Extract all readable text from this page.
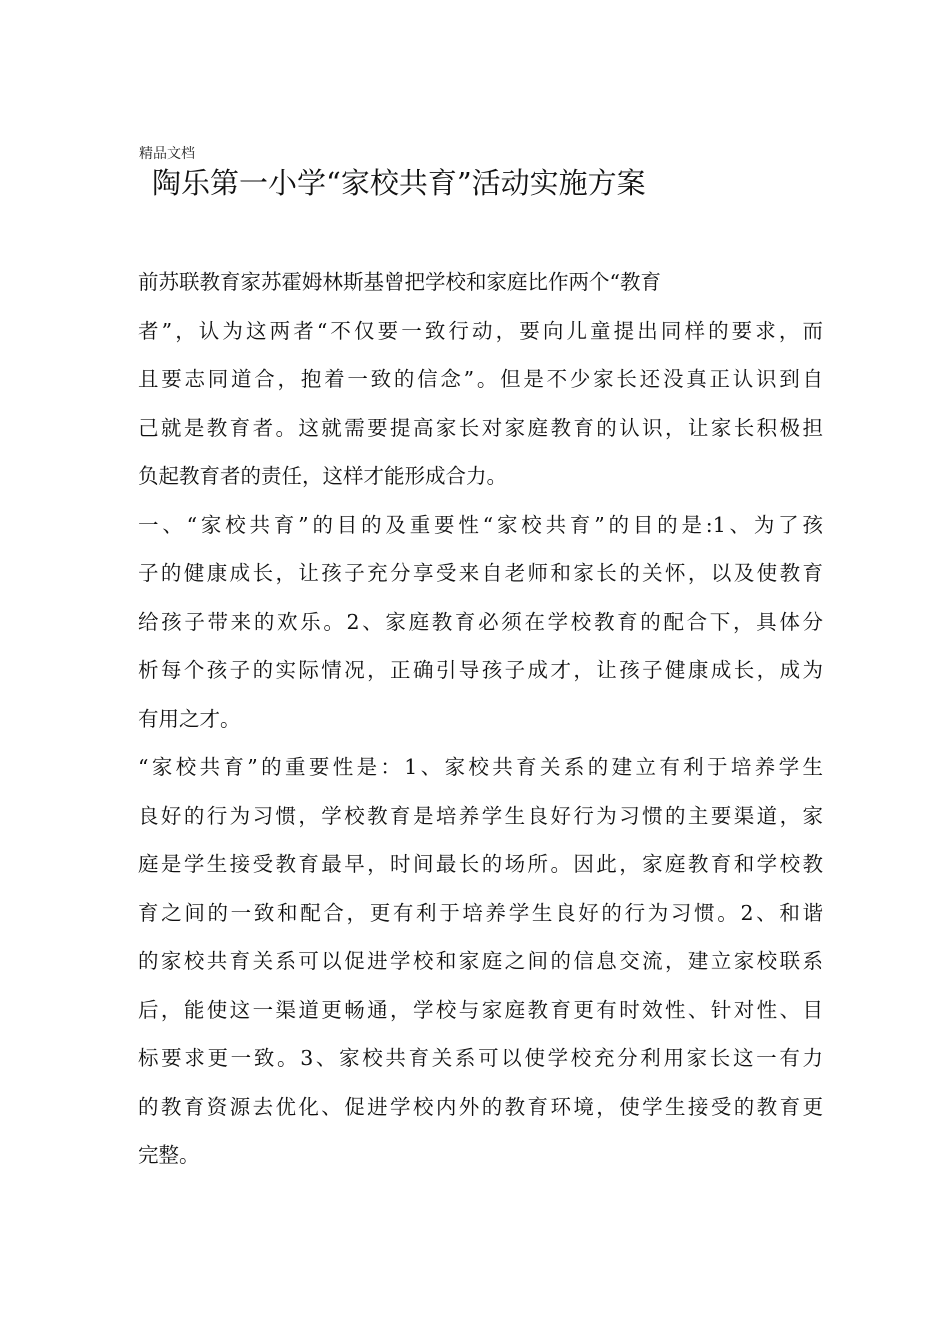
精品文档
陶乐第一小学“家校共育”活动实施方案
前苏联教育家苏霍姆林斯基曾把学校和家庭比作两个“教育
者”，认为这两者“不仅要一致行动，要向儿童提出同样的要求，而
且要志同道合，抱着一致的信念”。但是不少家长还没真正认识到自
己就是教育者。这就需要提高家长对家庭教育的认识，让家长积极担
负起教育者的责任，这样才能形成合力。
一、“家校共育”的目的及重要性“家校共育”的目的是:1、为了孩
子的健康成长，让孩子充分享受来自老师和家长的关怀，以及使教育
给孩子带来的欢乐。2、家庭教育必须在学校教育的配合下，具体分
析每个孩子的实际情况，正确引导孩子成才，让孩子健康成长，成为
有用之才。
“家校共育”的重要性是：1、家校共育关系的建立有利于培养学生
良好的行为习惯，学校教育是培养学生良好行为习惯的主要渠道，家
庭是学生接受教育最早，时间最长的场所。因此，家庭教育和学校教
育之间的一致和配合，更有利于培养学生良好的行为习惯。2、和谐
的家校共育关系可以促进学校和家庭之间的信息交流，建立家校联系
后，能使这一渠道更畅通，学校与家庭教育更有时效性、针对性、目
标要求更一致。3、家校共育关系可以使学校充分利用家长这一有力
的教育资源去优化、促进学校内外的教育环境，使学生接受的教育更
完整。
